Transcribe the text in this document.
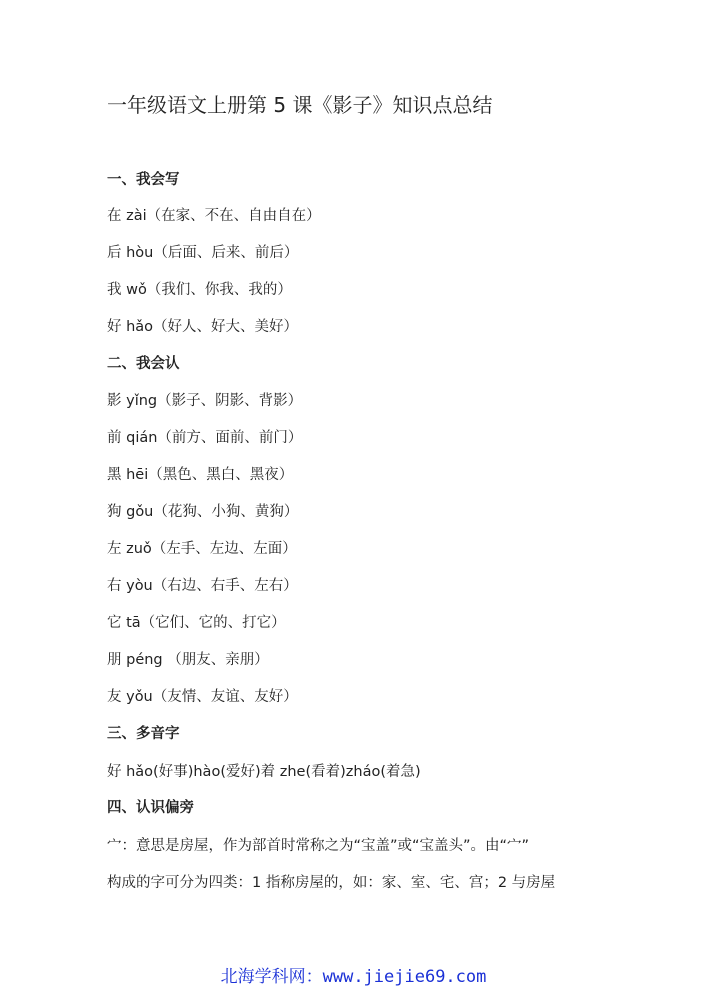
一年级语文上册第 5 课《影子》知识点总结
一、我会写
在 zài（在家、不在、自由自在）
后 hòu（后面、后来、前后）
我 wǒ（我们、你我、我的）
好 hǎo（好人、好大、美好）
二、我会认
影 yǐng（影子、阴影、背影）
前 qián（前方、面前、前门）
黑 hēi（黑色、黑白、黑夜）
狗 gǒu（花狗、小狗、黄狗）
左 zuǒ（左手、左边、左面）
右 yòu（右边、右手、左右）
它 tā（它们、它的、打它）
朋 péng （朋友、亲朋）
友 yǒu（友情、友谊、友好）
三、多音字
好 hǎo(好事)hào(爱好)着 zhe(看着)zháo(着急)
四、认识偏旁
宀：意思是房屋，作为部首时常称之为“宝盖”或“宝盖头”。由“宀”
构成的字可分为四类：1 指称房屋的，如：家、室、宅、宫；2 与房屋
北海学科网：www.jiejie69.com
